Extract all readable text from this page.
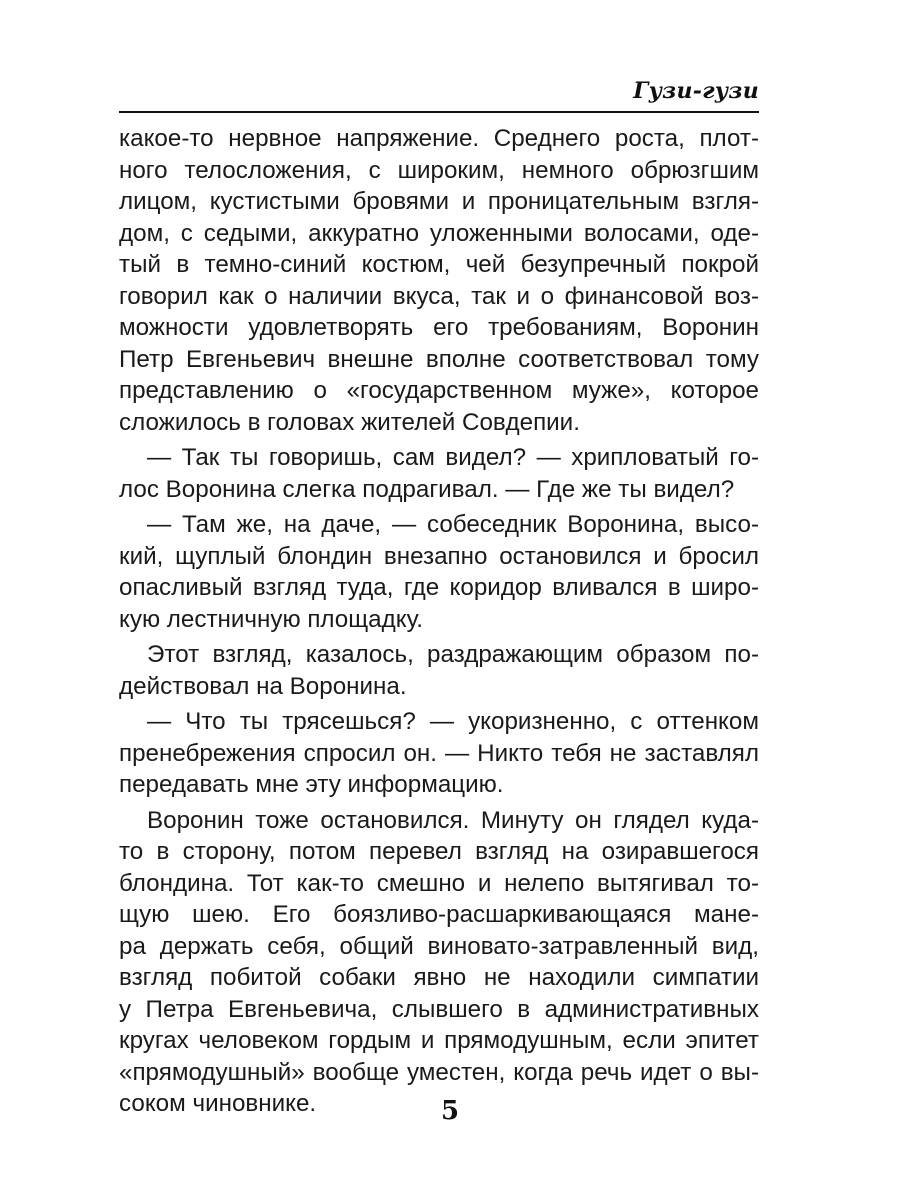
Гузи-гузи
какое-то нервное напряжение. Среднего роста, плот-
ного телосложения, с широким, немного обрюзгшим
лицом, кустистыми бровями и проницательным взгля-
дом, с седыми, аккуратно уложенными волосами, оде-
тый в темно-синий костюм, чей безупречный покрой
говорил как о наличии вкуса, так и о финансовой воз-
можности удовлетворять его требованиям, Воронин
Петр Евгеньевич внешне вполне соответствовал тому
представлению о «государственном муже», которое
сложилось в головах жителей Совдепии.
— Так ты говоришь, сам видел? — хрипловатый го-
лос Воронина слегка подрагивал. — Где же ты видел?
— Там же, на даче, — собеседник Воронина, высо-
кий, щуплый блондин внезапно остановился и бросил
опасливый взгляд туда, где коридор вливался в широ-
кую лестничную площадку.
Этот взгляд, казалось, раздражающим образом по-
действовал на Воронина.
— Что ты трясешься? — укоризненно, с оттенком
пренебрежения спросил он. — Никто тебя не заставлял
передавать мне эту информацию.
Воронин тоже остановился. Минуту он глядел куда-
то в сторону, потом перевел взгляд на озиравшегося
блондина. Тот как-то смешно и нелепо вытягивал то-
щую шею. Его боязливо-расшаркивающаяся мане-
ра держать себя, общий виновато-затравленный вид,
взгляд побитой собаки явно не находили симпатии
у Петра Евгеньевича, слывшего в административных
кругах человеком гордым и прямодушным, если эпитет
«прямодушный» вообще уместен, когда речь идет о вы-
соком чиновнике.	5
